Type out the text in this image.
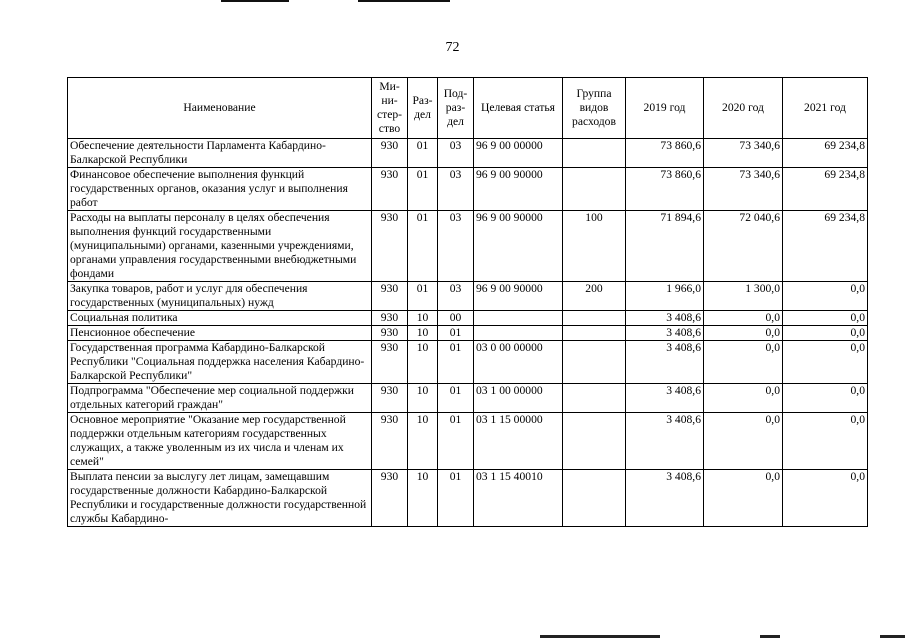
72
Наименование	Ми-ни-стер-ство	Раз-дел	Под-раз-дел	Целевая статья	Группа видов расходов	2019 год	2020 год	2021 год
Обеспечение деятельности Парламента Кабардино-Балкарской Республики	930	01	03	96 9 00 00000		73 860,6	73 340,6	69 234,8
Финансовое обеспечение выполнения функций государственных органов, оказания услуг и выполнения работ	930	01	03	96 9 00 90000		73 860,6	73 340,6	69 234,8
Расходы на выплаты персоналу в целях обеспечения выполнения функций государственными (муниципальными) органами, казенными учреждениями, органами управления государственными внебюджетными фондами	930	01	03	96 9 00 90000	100	71 894,6	72 040,6	69 234,8
Закупка товаров, работ и услуг для обеспечения государственных (муниципальных) нужд	930	01	03	96 9 00 90000	200	1 966,0	1 300,0	0,0
Социальная политика	930	10	00			3 408,6	0,0	0,0
Пенсионное обеспечение	930	10	01			3 408,6	0,0	0,0
Государственная программа Кабардино-Балкарской Республики "Социальная поддержка населения Кабардино-Балкарской Республики"	930	10	01	03 0 00 00000		3 408,6	0,0	0,0
Подпрограмма "Обеспечение мер социальной поддержки отдельных категорий граждан"	930	10	01	03 1 00 00000		3 408,6	0,0	0,0
Основное мероприятие "Оказание мер государственной поддержки отдельным категориям государственных служащих, а также уволенным из их числа и членам их семей"	930	10	01	03 1 15 00000		3 408,6	0,0	0,0
Выплата пенсии за выслугу лет лицам, замещавшим государственные должности Кабардино-Балкарской Республики и государственные должности государственной службы Кабардино-	930	10	01	03 1 15 40010		3 408,6	0,0	0,0
